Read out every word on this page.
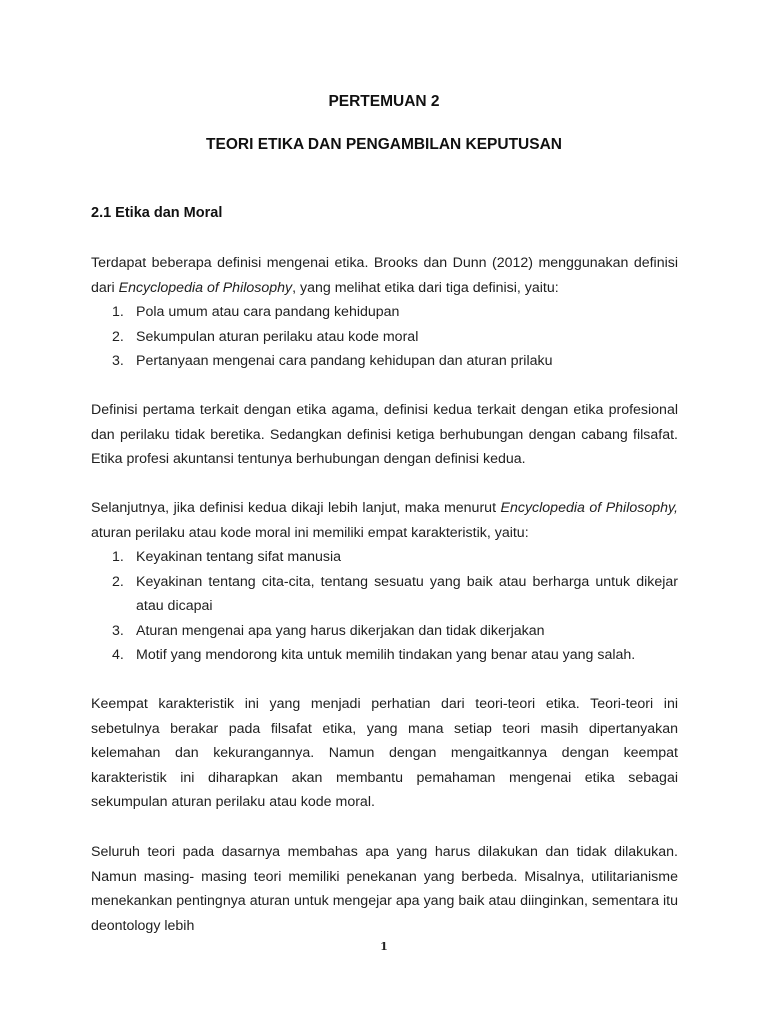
PERTEMUAN 2
TEORI ETIKA DAN PENGAMBILAN KEPUTUSAN
2.1 Etika dan Moral

Terdapat beberapa definisi mengenai etika. Brooks dan Dunn (2012) menggunakan definisi dari Encyclopedia of Philosophy, yang melihat etika dari tiga definisi, yaitu:

1. Pola umum atau cara pandang kehidupan
2. Sekumpulan aturan perilaku atau kode moral
3. Pertanyaan mengenai cara pandang kehidupan dan aturan prilaku

Definisi pertama terkait dengan etika agama, definisi kedua terkait dengan etika profesional dan perilaku tidak beretika. Sedangkan definisi ketiga berhubungan dengan cabang filsafat. Etika profesi akuntansi tentunya berhubungan dengan definisi kedua.

Selanjutnya, jika definisi kedua dikaji lebih lanjut, maka menurut Encyclopedia of Philosophy, aturan perilaku atau kode moral ini memiliki empat karakteristik, yaitu:

1. Keyakinan tentang sifat manusia
2. Keyakinan tentang cita-cita, tentang sesuatu yang baik atau berharga untuk dikejar atau dicapai
3. Aturan mengenai apa yang harus dikerjakan dan tidak dikerjakan
4. Motif yang mendorong kita untuk memilih tindakan yang benar atau yang salah.

Keempat karakteristik ini yang menjadi perhatian dari teori-teori etika. Teori-teori ini sebetulnya berakar pada filsafat etika, yang mana setiap teori masih dipertanyakan kelemahan dan kekurangannya. Namun dengan mengaitkannya dengan keempat karakteristik ini diharapkan akan membantu pemahaman mengenai etika sebagai sekumpulan aturan perilaku atau kode moral.

Seluruh teori pada dasarnya membahas apa yang harus dilakukan dan tidak dilakukan. Namun masing- masing teori memiliki penekanan yang berbeda. Misalnya, utilitarianisme menekankan pentingnya aturan untuk mengejar apa yang baik atau diinginkan, sementara itu deontology lebih

1
